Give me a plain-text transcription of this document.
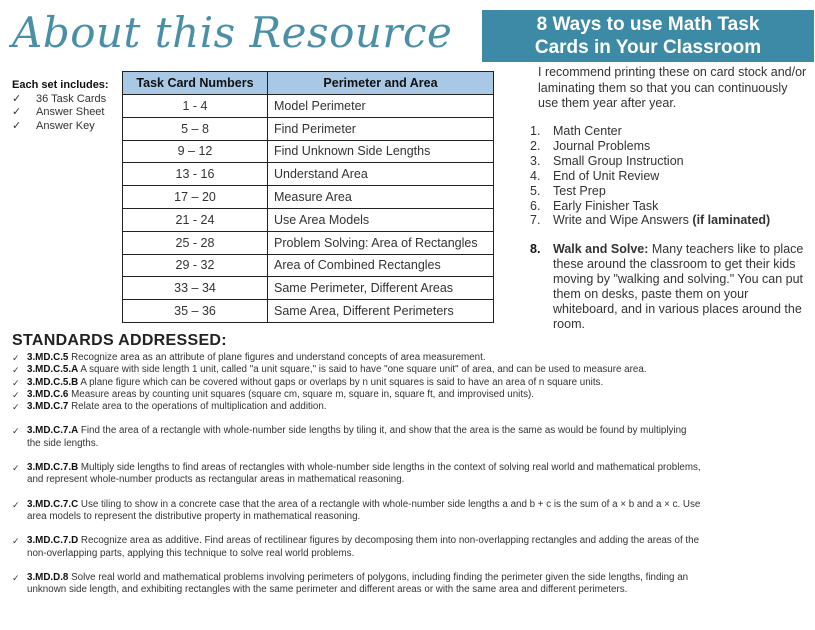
About this Resource	8 Ways to use Math Task
Cards in Your Classroom
Each set includes:
✓	36 Task Cards
✓	Answer Sheet
✓	Answer Key
Task Card Numbers	Perimeter and Area
1 - 4	Model Perimeter
5 – 8	Find Perimeter
9 – 12	Find Unknown Side Lengths
13 - 16	Understand Area
17 – 20	Measure Area
21 - 24	Use Area Models
25 - 28	Problem Solving: Area of Rectangles
29 - 32	Area of Combined Rectangles
33 – 34	Same Perimeter, Different Areas
35 – 36	Same Area, Different Perimeters
I recommend printing these on card stock and/or laminating them so that you can continuously use them year after year.
1.	Math Center
2.	Journal Problems
3.	Small Group Instruction
4.	End of Unit Review
5.	Test Prep
6.	Early Finisher Task
7.	Write and Wipe Answers (if laminated)
8.	Walk and Solve: Many teachers like to place these around the classroom to get their kids moving by "walking and solving." You can put them on desks, paste them on your whiteboard, and in various places around the room.
STANDARDS ADDRESSED:
✓ 3.MD.C.5 Recognize area as an attribute of plane figures and understand concepts of area measurement.
✓ 3.MD.C.5.A A square with side length 1 unit, called "a unit square," is said to have "one square unit" of area, and can be used to measure area.
✓ 3.MD.C.5.B A plane figure which can be covered without gaps or overlaps by n unit squares is said to have an area of n square units.
✓ 3.MD.C.6 Measure areas by counting unit squares (square cm, square m, square in, square ft, and improvised units).
✓ 3.MD.C.7 Relate area to the operations of multiplication and addition.
✓ 3.MD.C.7.A Find the area of a rectangle with whole-number side lengths by tiling it, and show that the area is the same as would be found by multiplying the side lengths.
✓ 3.MD.C.7.B Multiply side lengths to find areas of rectangles with whole-number side lengths in the context of solving real world and mathematical problems, and represent whole-number products as rectangular areas in mathematical reasoning.
✓ 3.MD.C.7.C Use tiling to show in a concrete case that the area of a rectangle with whole-number side lengths a and b + c is the sum of a × b and a × c. Use area models to represent the distributive property in mathematical reasoning.
✓ 3.MD.C.7.D Recognize area as additive. Find areas of rectilinear figures by decomposing them into non-overlapping rectangles and adding the areas of the non-overlapping parts, applying this technique to solve real world problems.
✓ 3.MD.D.8 Solve real world and mathematical problems involving perimeters of polygons, including finding the perimeter given the side lengths, finding an unknown side length, and exhibiting rectangles with the same perimeter and different areas or with the same area and different perimeters.
